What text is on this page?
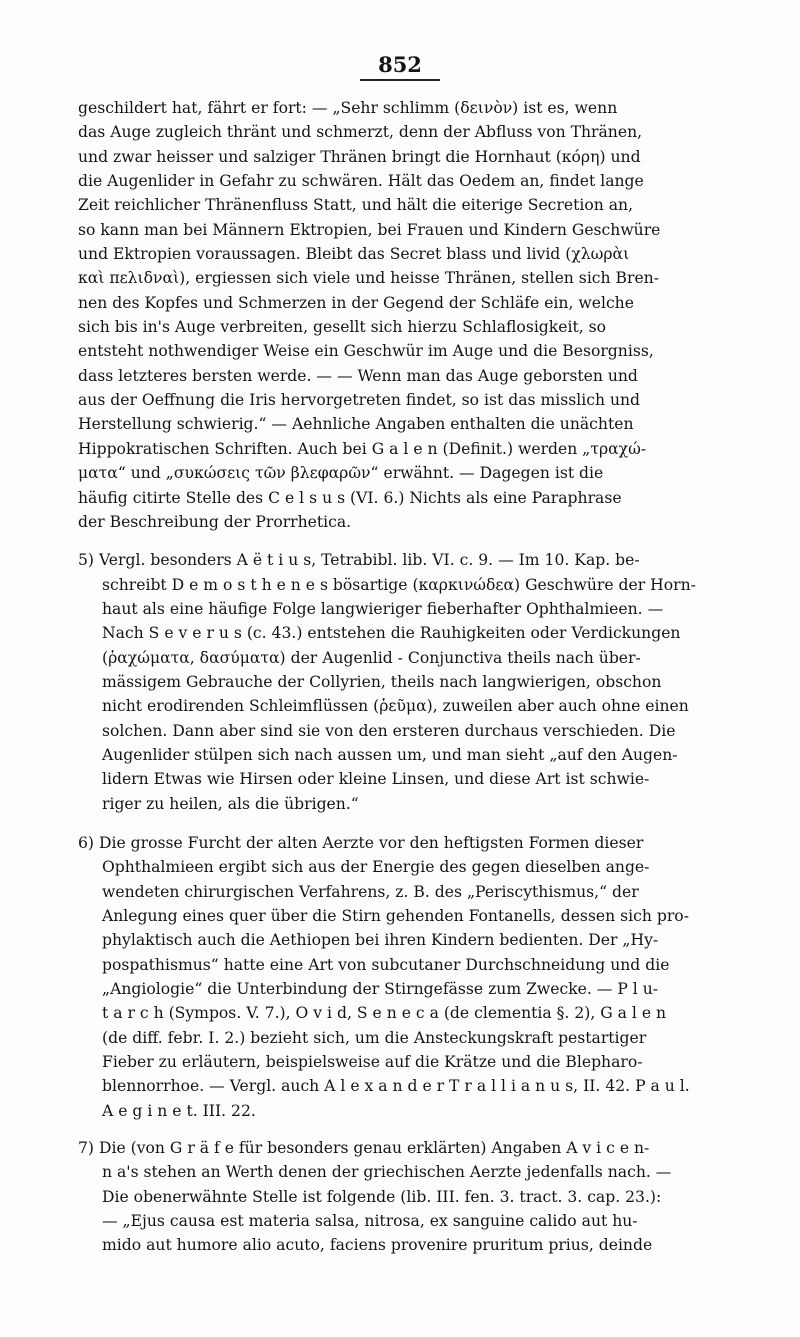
852
geschildert hat, fährt er fort: — „Sehr schlimm (δεινὸν) ist es, wenn
das Auge zugleich thränt und schmerzt, denn der Abfluss von Thränen,
und zwar heisser und salziger Thränen bringt die Hornhaut (κόρη) und
die Augenlider in Gefahr zu schwären. Hält das Oedem an, findet lange
Zeit reichlicher Thränenfluss Statt, und hält die eiterige Secretion an,
so kann man bei Männern Ektropien, bei Frauen und Kindern Geschwüre
und Ektropien voraussagen. Bleibt das Secret blass und livid (χλωρὰι
καὶ πελιδναὶ), ergiessen sich viele und heisse Thränen, stellen sich Bren-
nen des Kopfes und Schmerzen in der Gegend der Schläfe ein, welche
sich bis in's Auge verbreiten, gesellt sich hierzu Schlaflosigkeit, so
entsteht nothwendiger Weise ein Geschwür im Auge und die Besorgniss,
dass letzteres bersten werde. — — Wenn man das Auge geborsten und
aus der Oeffnung die Iris hervorgetreten findet, so ist das misslich und
Herstellung schwierig.“ — Aehnliche Angaben enthalten die unächten
Hippokratischen Schriften. Auch bei G a l e n (Definit.) werden „τραχώ-
ματα“ und „συκώσεις τῶν βλεφαρῶν“ erwähnt. — Dagegen ist die
häufig citirte Stelle des C e l s u s (VI. 6.) Nichts als eine Paraphrase
der Beschreibung der Prorrhetica.
5) Vergl. besonders A ë t i u s, Tetrabibl. lib. VI. c. 9. — Im 10. Kap. be-
schreibt D e m o s t h e n e s bösartige (καρκινώδεα) Geschwüre der Horn-
haut als eine häufige Folge langwieriger fieberhafter Ophthalmieen. —
Nach S e v e r u s (c. 43.) entstehen die Rauhigkeiten oder Verdickungen
(ῥαχώματα, δασύματα) der Augenlid - Conjunctiva theils nach über-
mässigem Gebrauche der Collyrien, theils nach langwierigen, obschon
nicht erodirenden Schleimflüssen (ῥεῦμα), zuweilen aber auch ohne einen
solchen. Dann aber sind sie von den ersteren durchaus verschieden. Die
Augenlider stülpen sich nach aussen um, und man sieht „auf den Augen-
lidern Etwas wie Hirsen oder kleine Linsen, und diese Art ist schwie-
riger zu heilen, als die übrigen.“
6) Die grosse Furcht der alten Aerzte vor den heftigsten Formen dieser
Ophthalmieen ergibt sich aus der Energie des gegen dieselben ange-
wendeten chirurgischen Verfahrens, z. B. des „Periscythismus,“ der
Anlegung eines quer über die Stirn gehenden Fontanells, dessen sich pro-
phylaktisch auch die Aethiopen bei ihren Kindern bedienten. Der „Hy-
pospathismus“ hatte eine Art von subcutaner Durchschneidung und die
„Angiologie“ die Unterbindung der Stirngefässe zum Zwecke. — P l u-
t a r c h (Sympos. V. 7.), O v i d, S e n e c a (de clementia §. 2), G a l e n
(de diff. febr. I. 2.) bezieht sich, um die Ansteckungskraft pestartiger
Fieber zu erläutern, beispielsweise auf die Krätze und die Blepharo-
blennorrhoe. — Vergl. auch A l e x a n d e r T r a l l i a n u s, II. 42. P a u l.
A e g i n e t. III. 22.
7) Die (von G r ä f e für besonders genau erklärten) Angaben A v i c e n-
n a's stehen an Werth denen der griechischen Aerzte jedenfalls nach. —
Die obenerwähnte Stelle ist folgende (lib. III. fen. 3. tract. 3. cap. 23.):
— „Ejus causa est materia salsa, nitrosa, ex sanguine calido aut hu-
mido aut humore alio acuto, faciens provenire pruritum prius, deinde
